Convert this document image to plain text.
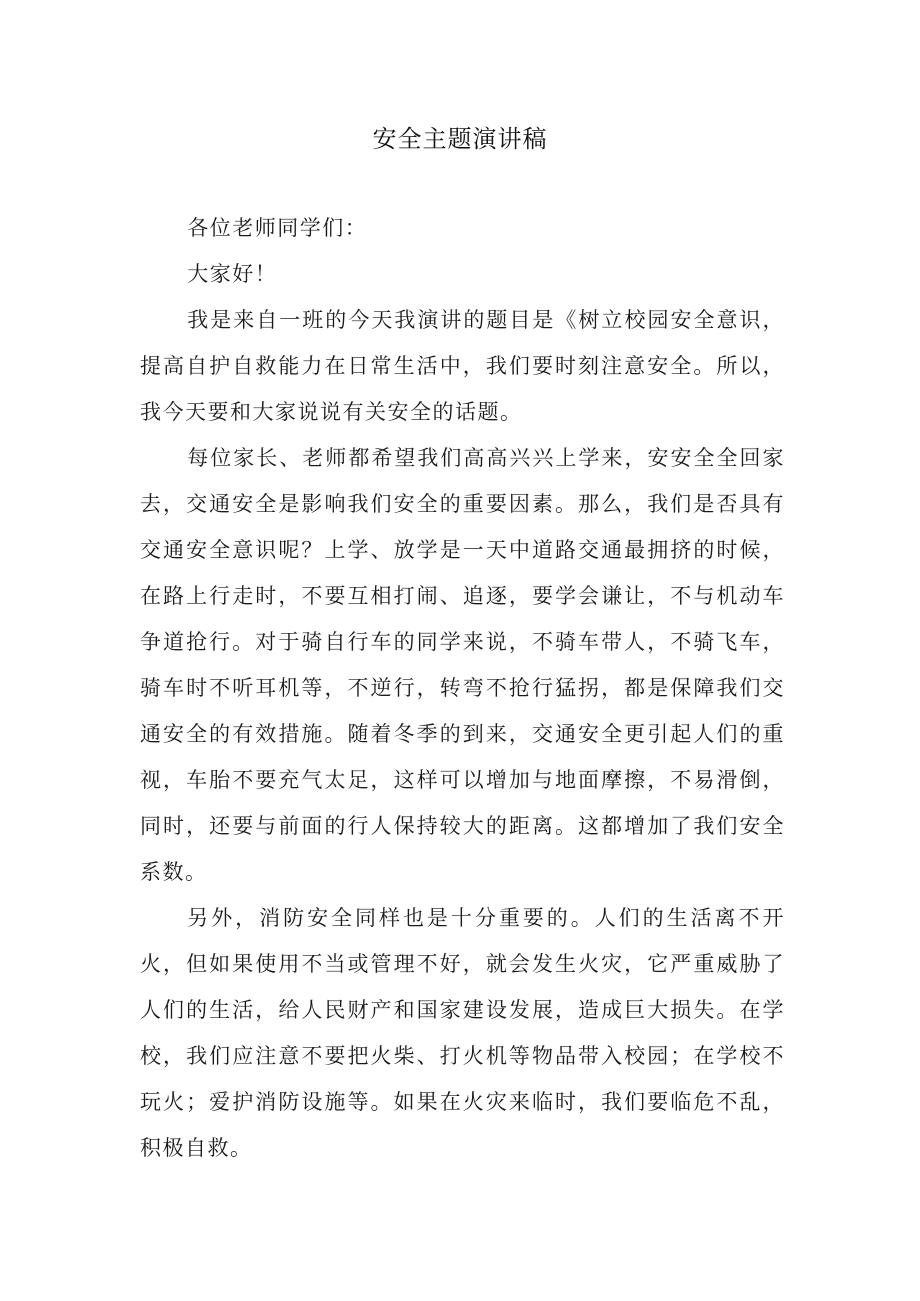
安全主题演讲稿

各位老师同学们：

大家好！

我是来自一班的今天我演讲的题目是《树立校园安全意识，提高自护自救能力在日常生活中，我们要时刻注意安全。所以，我今天要和大家说说有关安全的话题。

每位家长、老师都希望我们高高兴兴上学来，安安全全回家去，交通安全是影响我们安全的重要因素。那么，我们是否具有交通安全意识呢？上学、放学是一天中道路交通最拥挤的时候，在路上行走时，不要互相打闹、追逐，要学会谦让，不与机动车争道抢行。对于骑自行车的同学来说，不骑车带人，不骑飞车，骑车时不听耳机等，不逆行，转弯不抢行猛拐，都是保障我们交通安全的有效措施。随着冬季的到来，交通安全更引起人们的重视，车胎不要充气太足，这样可以增加与地面摩擦，不易滑倒，同时，还要与前面的行人保持较大的距离。这都增加了我们安全系数。

另外，消防安全同样也是十分重要的。人们的生活离不开火，但如果使用不当或管理不好，就会发生火灾，它严重威胁了人们的生活，给人民财产和国家建设发展，造成巨大损失。在学校，我们应注意不要把火柴、打火机等物品带入校园；在学校不玩火；爱护消防设施等。如果在火灾来临时，我们要临危不乱，积极自救。
